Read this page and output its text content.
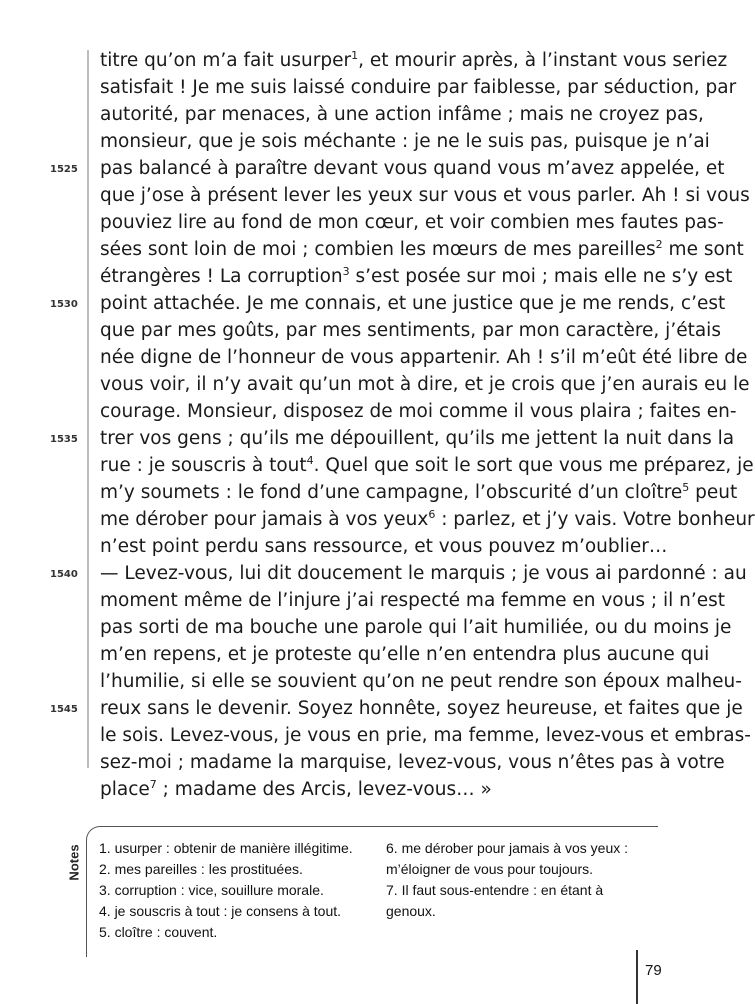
titre qu’on m’a fait usurper$^1$, et mourir après, à l’instant vous seriez
satisfait ! Je me suis laissé conduire par faiblesse, par séduction, par
autorité, par menaces, à une action infâme ; mais ne croyez pas,
monsieur, que je sois méchante : je ne le suis pas, puisque je n’ai
pas balancé à paraître devant vous quand vous m’avez appelée, et
que j’ose à présent lever les yeux sur vous et vous parler. Ah ! si vous
pouviez lire au fond de mon cœur, et voir combien mes fautes pas-
sées sont loin de moi ; combien les mœurs de mes pareilles$^2$ me sont
étrangères ! La corruption$^3$ s’est posée sur moi ; mais elle ne s’y est
point attachée. Je me connais, et une justice que je me rends, c’est
que par mes goûts, par mes sentiments, par mon caractère, j’étais
née digne de l’honneur de vous appartenir. Ah ! s’il m’eût été libre de
vous voir, il n’y avait qu’un mot à dire, et je crois que j’en aurais eu le
courage. Monsieur, disposez de moi comme il vous plaira ; faites en-
trer vos gens ; qu’ils me dépouillent, qu’ils me jettent la nuit dans la
rue : je souscris à tout$^4$. Quel que soit le sort que vous me préparez, je
m’y soumets : le fond d’une campagne, l’obscurité d’un cloître$^5$ peut
me dérober pour jamais à vos yeux$^6$ : parlez, et j’y vais. Votre bonheur
n’est point perdu sans ressource, et vous pouvez m’oublier…
— Levez-vous, lui dit doucement le marquis ; je vous ai pardonné : au
moment même de l’injure j’ai respecté ma femme en vous ; il n’est
pas sorti de ma bouche une parole qui l’ait humiliée, ou du moins je
m’en repens, et je proteste qu’elle n’en entendra plus aucune qui
l’humilie, si elle se souvient qu’on ne peut rendre son époux malheu-
reux sans le devenir. Soyez honnête, soyez heureuse, et faites que je
le sois. Levez-vous, je vous en prie, ma femme, levez-vous et embras-
sez-moi ; madame la marquise, levez-vous, vous n’êtes pas à votre
place$^7$ ; madame des Arcis, levez-vous… »
1525
1530
1535
1540
1545
Notes 1. usurper : obtenir de manière illégitime.
2. mes pareilles : les prostituées.
3. corruption : vice, souillure morale.
4. je souscris à tout : je consens à tout.
5. cloître : couvent.
6. me dérober pour jamais à vos yeux :
m’éloigner de vous pour toujours.
7. Il faut sous-entendre : en étant à
genoux.
79
